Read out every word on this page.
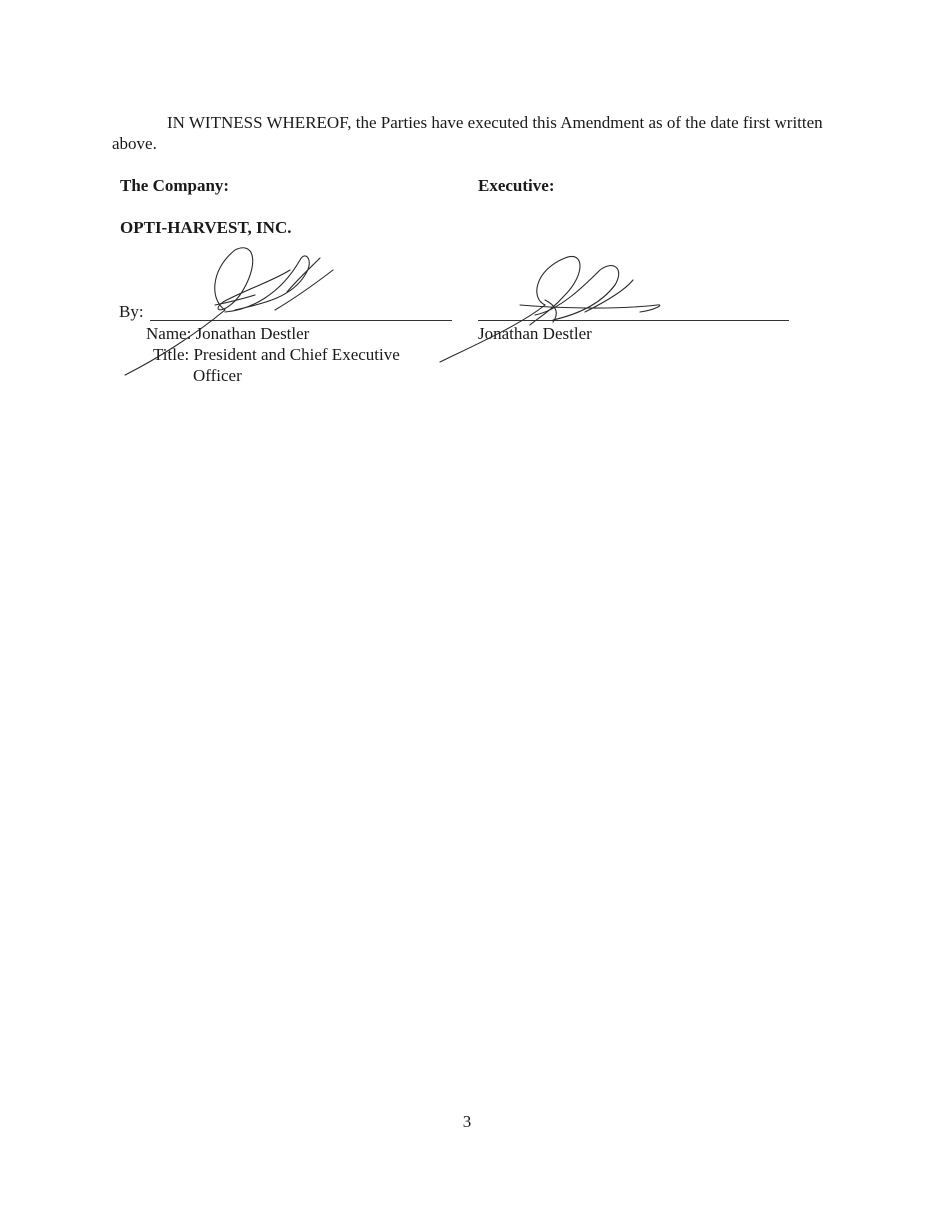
IN WITNESS WHEREOF, the Parties have executed this Amendment as of the date first written above.

The Company:	Executive:
OPTI-HARVEST, INC.
By:
Name: Jonathan Destler
Title: President and Chief Executive
Officer
Jonathan Destler
3
